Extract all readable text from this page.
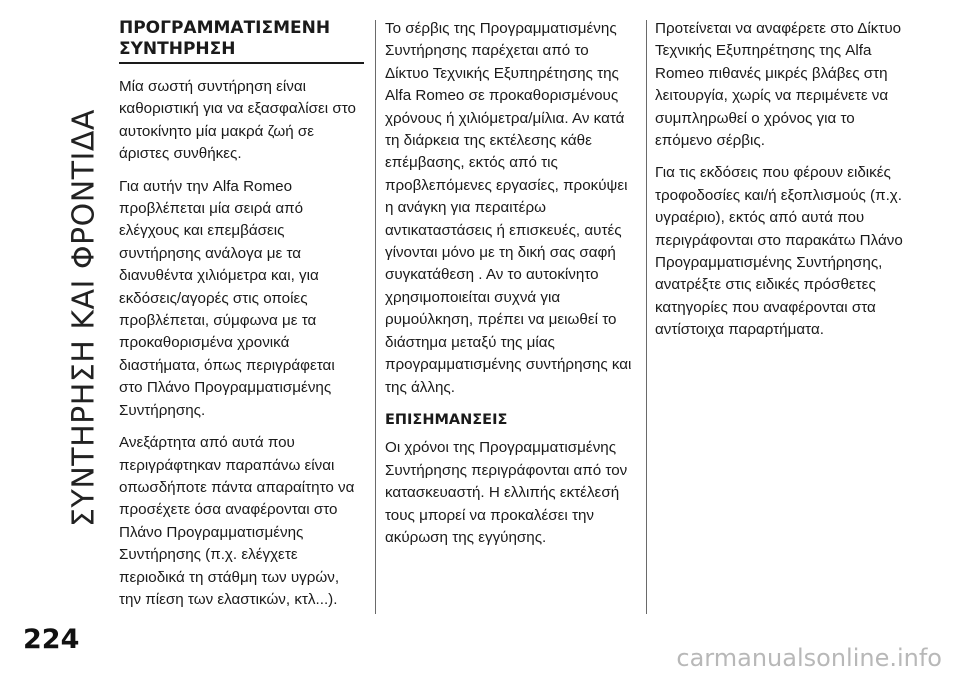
ΣΥΝΤΗΡΗΣΗ ΚΑΙ ΦΡΟΝΤΙΔΑ
ΠΡΟΓΡΑΜΜΑΤΙΣΜΕΝΗ
ΣΥΝΤΗΡΗΣΗ

Μία σωστή συντήρηση είναι καθοριστική για να εξασφαλίσει στο αυτοκίνητο μία μακρά ζωή σε άριστες συνθήκες.

Για αυτήν την Alfa Romeo προβλέπεται μία σειρά από ελέγχους και επεμβάσεις συντήρησης ανάλογα με τα διανυθέντα χιλιόμετρα και, για εκδόσεις/αγορές στις οποίες προβλέπεται, σύμφωνα με τα προκαθορισμένα χρονικά διαστήματα, όπως περιγράφεται στο Πλάνο Προγραμματισμένης Συντήρησης.

Ανεξάρτητα από αυτά που περιγράφτηκαν παραπάνω είναι οπωσδήποτε πάντα απαραίτητο να προσέχετε όσα αναφέρονται στο Πλάνο Προγραμματισμένης Συντήρησης (π.χ. ελέγχετε περιοδικά τη στάθμη των υγρών, την πίεση των ελαστικών, κτλ...).

Το σέρβις της Προγραμματισμένης Συντήρησης παρέχεται από το Δίκτυο Τεχνικής Εξυπηρέτησης της Alfa Romeo σε προκαθορισμένους χρόνους ή χιλιόμετρα/μίλια. Αν κατά τη διάρκεια της εκτέλεσης κάθε επέμβασης, εκτός από τις προβλεπόμενες εργασίες, προκύψει η ανάγκη για περαιτέρω αντικαταστάσεις ή επισκευές, αυτές γίνονται μόνο με τη δική σας σαφή συγκατάθεση . Αν το αυτοκίνητο χρησιμοποιείται συχνά για ρυμούλκηση, πρέπει να μειωθεί το διάστημα μεταξύ της μίας προγραμματισμένης συντήρησης και της άλλης.

ΕΠΙΣΗΜΑΝΣΕΙΣ

Οι χρόνοι της Προγραμματισμένης Συντήρησης περιγράφονται από τον κατασκευαστή. Η ελλιπής εκτέλεσή τους μπορεί να προκαλέσει την ακύρωση της εγγύησης.

Προτείνεται να αναφέρετε στο Δίκτυο Τεχνικής Εξυπηρέτησης της Alfa Romeo πιθανές μικρές βλάβες στη λειτουργία, χωρίς να περιμένετε να συμπληρωθεί ο χρόνος για το επόμενο σέρβις.

Για τις εκδόσεις που φέρουν ειδικές τροφοδοσίες και/ή εξοπλισμούς (π.χ. υγραέριο), εκτός από αυτά που περιγράφονται στο παρακάτω Πλάνο Προγραμματισμένης Συντήρησης, ανατρέξτε στις ειδικές πρόσθετες κατηγορίες που αναφέρονται στα αντίστοιχα παραρτήματα.

224
carmanualsonline.info
